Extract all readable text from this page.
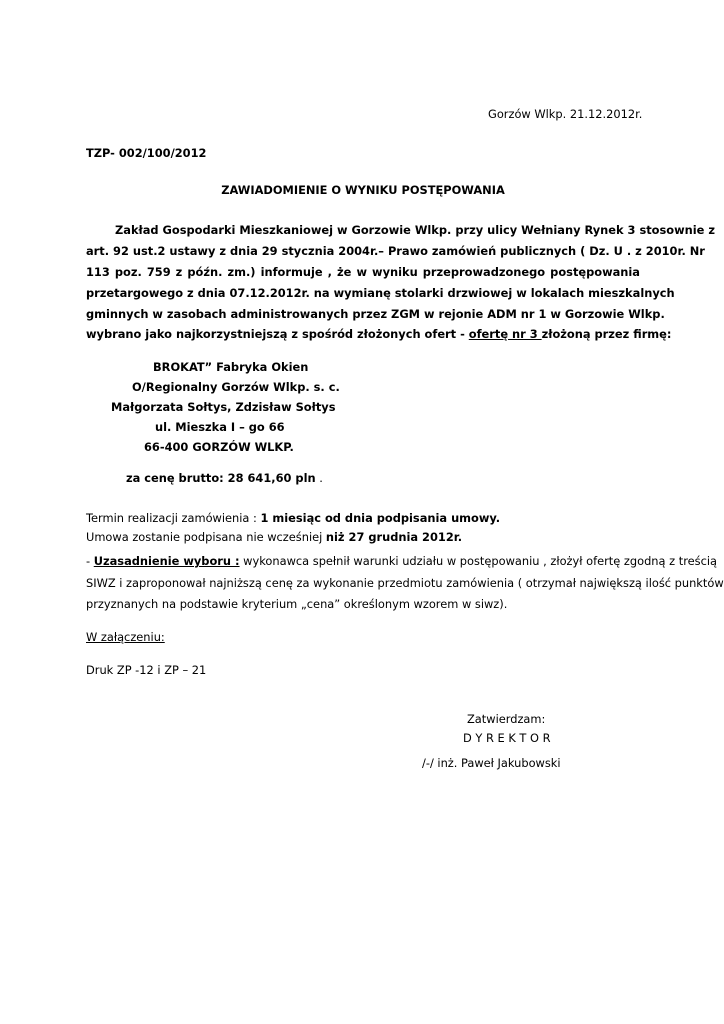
Gorzów Wlkp. 21.12.2012r.
TZP- 002/100/2012
ZAWIADOMIENIE O WYNIKU POSTĘPOWANIA
Zakład Gospodarki Mieszkaniowej w Gorzowie Wlkp. przy ulicy Wełniany Rynek 3 stosownie z
art. 92 ust.2 ustawy z dnia 29 stycznia 2004r.– Prawo zamówień publicznych ( Dz. U . z 2010r. Nr
113 poz. 759 z późn. zm.) informuje , że w wyniku przeprowadzonego postępowania
przetargowego z dnia 07.12.2012r. na wymianę stolarki drzwiowej w lokalach mieszkalnych
gminnych w zasobach administrowanych przez ZGM w rejonie ADM nr 1 w Gorzowie Wlkp.
wybrano jako najkorzystniejszą z spośród złożonych ofert - ofertę nr 3 złożoną przez firmę:
BROKAT” Fabryka Okien
O/Regionalny Gorzów Wlkp. s. c.
Małgorzata Sołtys, Zdzisław Sołtys
ul. Mieszka I – go 66
66-400 GORZÓW WLKP.
za cenę brutto: 28 641,60 pln .
Termin realizacji zamówienia : 1 miesiąc od dnia podpisania umowy.
Umowa zostanie podpisana nie wcześniej niż 27 grudnia 2012r.
- Uzasadnienie wyboru : wykonawca spełnił warunki udziału w postępowaniu , złożył ofertę zgodną z treścią
SIWZ i zaproponował najniższą cenę za wykonanie przedmiotu zamówienia ( otrzymał największą ilość punktów
przyznanych na podstawie kryterium „cena” określonym wzorem w siwz).
W załączeniu:
Druk ZP -12 i ZP – 21
Zatwierdzam:
D Y R E K T O R
/-/ inż. Paweł Jakubowski
